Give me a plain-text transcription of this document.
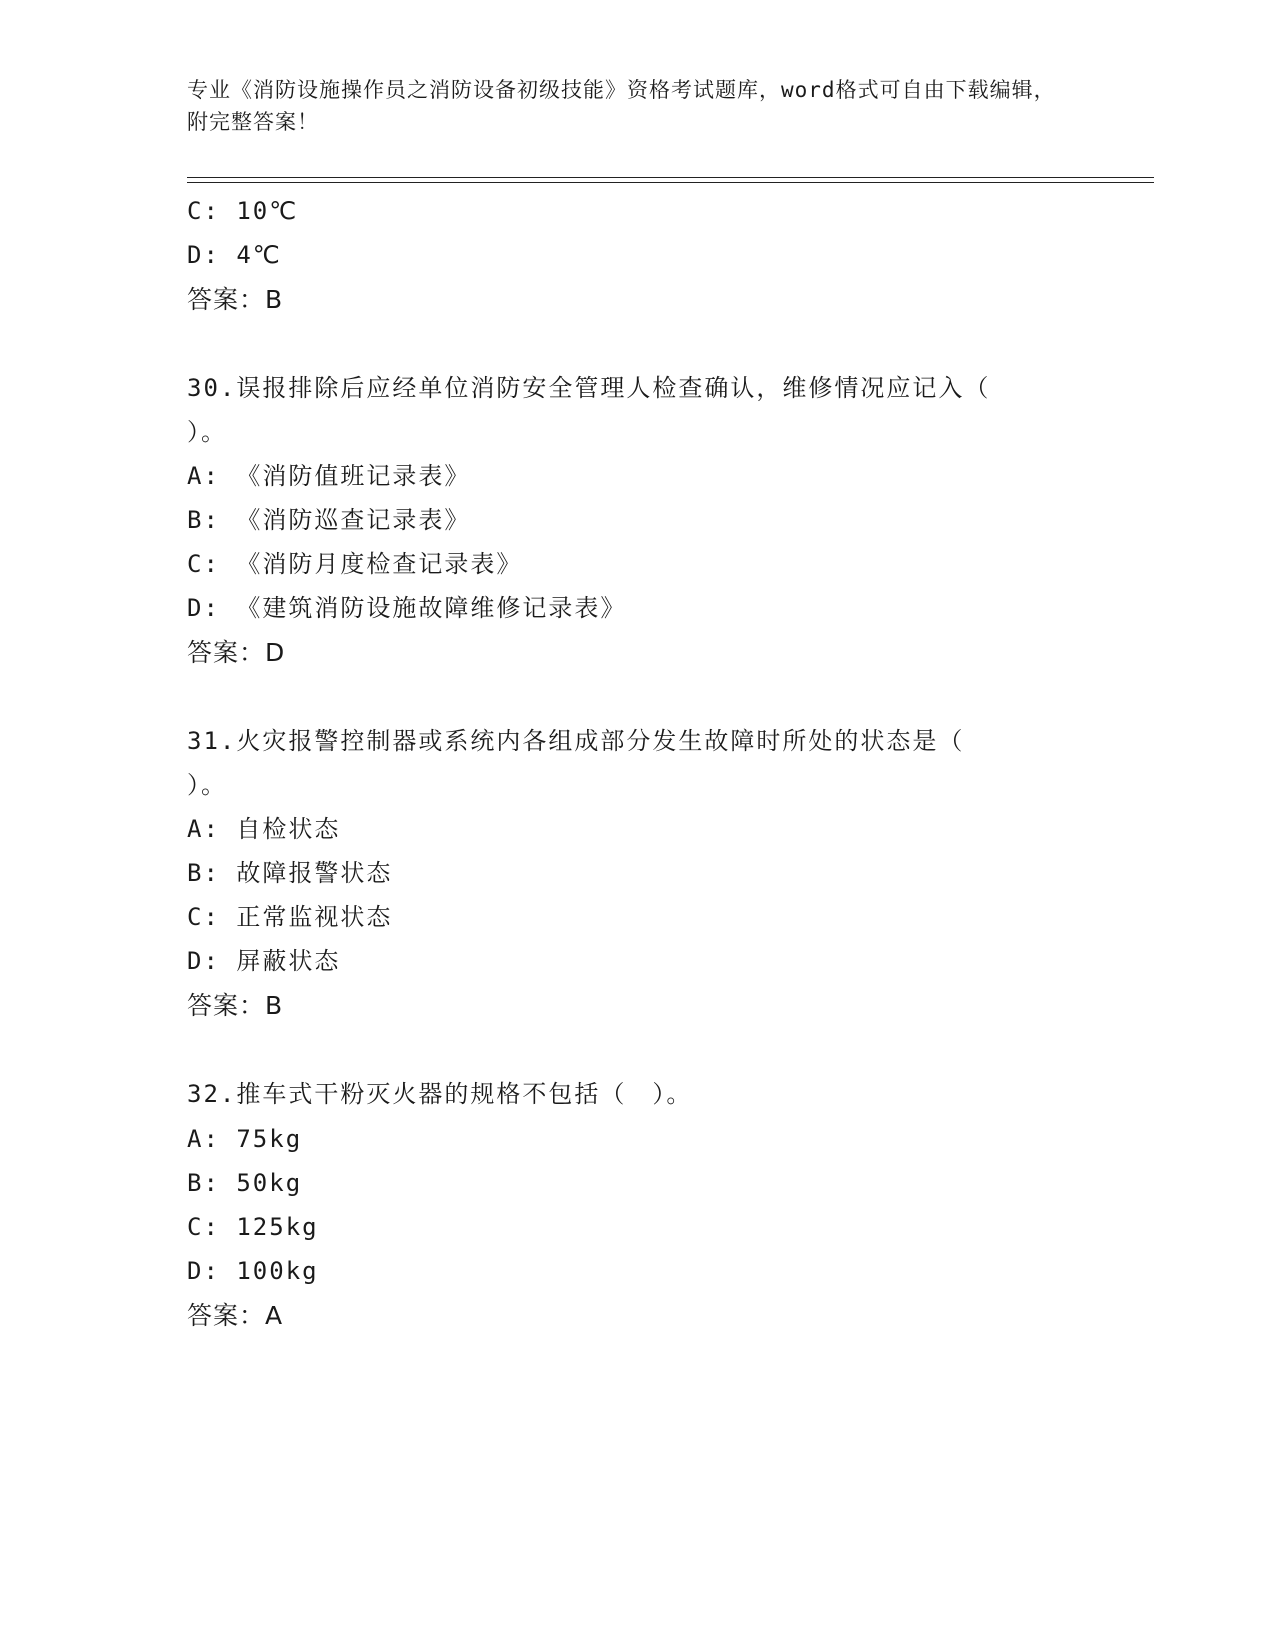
专业《消防设施操作员之消防设备初级技能》资格考试题库，word格式可自由下载编辑，附完整答案！
C: 10℃
D: 4℃
答案：B
30.误报排除后应经单位消防安全管理人检查确认，维修情况应记入（
）。
A: 《消防值班记录表》
B: 《消防巡查记录表》
C: 《消防月度检查记录表》
D: 《建筑消防设施故障维修记录表》
答案：D
31.火灾报警控制器或系统内各组成部分发生故障时所处的状态是（
）。
A: 自检状态
B: 故障报警状态
C: 正常监视状态
D: 屏蔽状态
答案：B
32.推车式干粉灭火器的规格不包括（　）。
A: 75kg
B: 50kg
C: 125kg
D: 100kg
答案：A
